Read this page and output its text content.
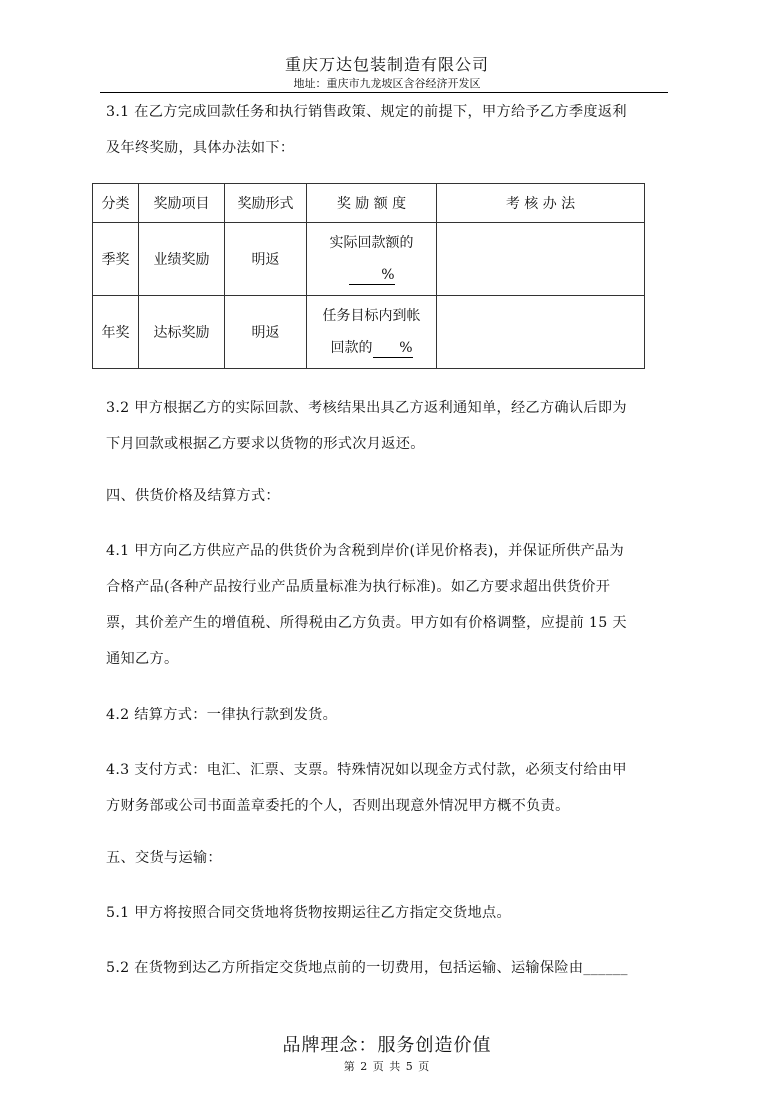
重庆万达包装制造有限公司
地址：重庆市九龙坡区含谷经济开发区

3.1 在乙方完成回款任务和执行销售政策、规定的前提下，甲方给予乙方季度返利
及年终奖励，具体办法如下：

分类	奖励项目	奖励形式	奖 励 额 度	考 核 办 法
季奖	业绩奖励	明返	实际回款额的
%	

年奖	达标奖励	明返	任务目标内到帐
回款的 %	

3.2 甲方根据乙方的实际回款、考核结果出具乙方返利通知单，经乙方确认后即为
下月回款或根据乙方要求以货物的形式次月返还。

四、供货价格及结算方式：

4.1 甲方向乙方供应产品的供货价为含税到岸价(详见价格表)，并保证所供产品为
合格产品(各种产品按行业产品质量标准为执行标准)。如乙方要求超出供货价开
票，其价差产生的增值税、所得税由乙方负责。甲方如有价格调整，应提前 15 天
通知乙方。

4.2 结算方式：一律执行款到发货。

4.3 支付方式：电汇、汇票、支票。特殊情况如以现金方式付款，必须支付给由甲
方财务部或公司书面盖章委托的个人，否则出现意外情况甲方概不负责。

五、交货与运输：

5.1 甲方将按照合同交货地将货物按期运往乙方指定交货地点。

5.2 在货物到达乙方所指定交货地点前的一切费用，包括运输、运输保险由______

品牌理念：服务创造价值
第 2 页 共 5 页
